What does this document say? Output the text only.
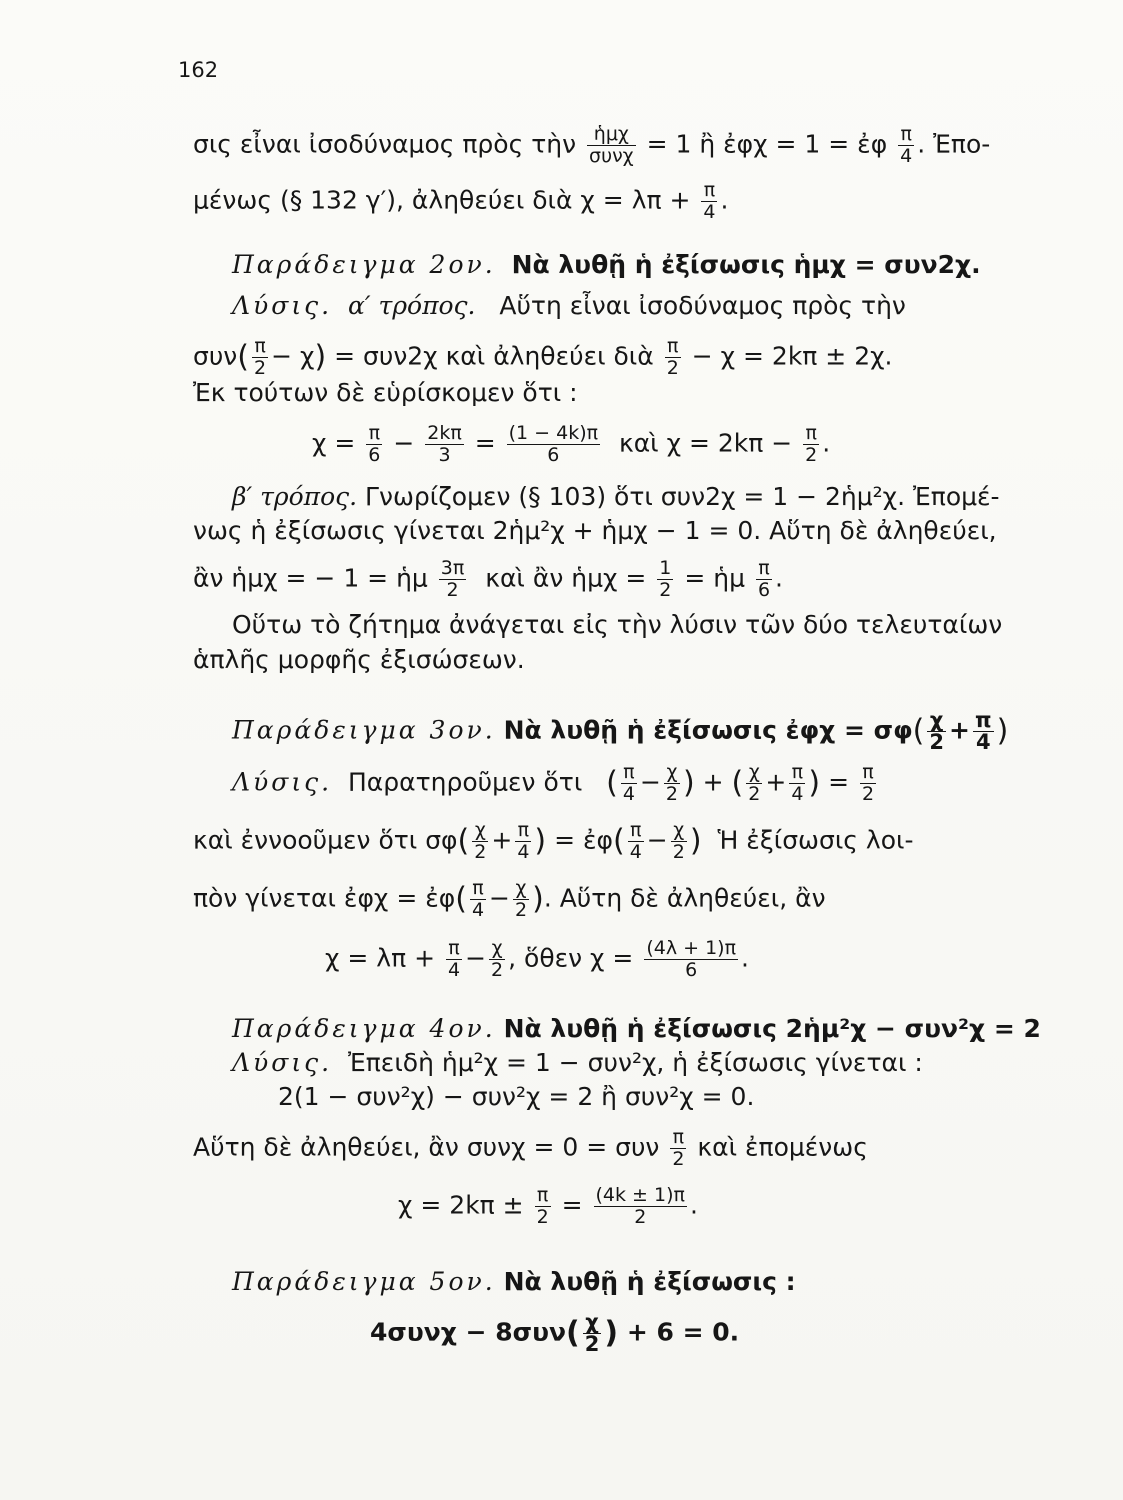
162
σις εἶναι ἰσοδύναμος πρὸς τὴν $\frac{\text{ἡμχ}}{\text{συνχ}} = 1$ ἢ ἐφχ = 1 = ἐφ $\frac{\pi}{4}$ . Ἐπο-
μένως (§ 132 γ′), ἀληθεύει διὰ $\chi = \lambda\pi + \frac{\pi}{4}$ .
Παράδειγμα 2ον. Νὰ λυθῇ ἡ ἐξίσωσις ἡμχ = συν2χ.
Λύσις. α′ τρόπος. Αὕτη εἶναι ἰσοδύναμος πρὸς τὴν
$\sigma\upsilon\nu( \frac{\pi}{2} - \chi) = \sigma\upsilon\nu 2\chi$ καὶ ἀληθεύει διὰ $\frac{\pi}{2} - \chi = 2k\pi \pm 2\chi$.
Ἐκ τούτων δὲ εὑρίσκομεν ὅτι :
$\chi = \frac{\pi}{6} - \frac{2k\pi}{3} = \frac{(1 - 4k)\pi}{6}$ καὶ $\chi = 2k\pi - \frac{\pi}{2}$ .
β′ τρόπος. Γνωρίζομεν (§ 103) ὅτι συν2χ = 1 − 2ἡμ²χ. Ἐπομέ-
νως ἡ ἐξίσωσις γίνεται 2ἡμ²χ + ἡμχ − 1 = 0. Αὕτη δὲ ἀληθεύει,
ἂν ἡμχ = − 1 = ἡμ $\frac{3\pi}{2}$ καὶ ἂν ἡμχ = $\frac{1}{2}$ = ἡμ $\frac{\pi}{6}$ .
Οὕτω τὸ ζήτημα ἀνάγεται εἰς τὴν λύσιν τῶν δύο τελευταίων
ἁπλῆς μορφῆς ἐξισώσεων.
Παράδειγμα 3ον. Νὰ λυθῇ ἡ ἐξίσωσις ἐφχ = $\sigma\varphi( \frac{\chi}{2} + \frac{\pi}{4}$ )
Λύσις. Παρατηροῦμεν ὅτι ( $\frac{\pi}{4} - \frac{\chi}{2}$ ) + ( $\frac{\chi}{2} + \frac{\pi}{4}$ ) = $\frac{\pi}{2}$
καὶ ἐννοοῦμεν ὅτι $\sigma\varphi( \frac{\chi}{2} + \frac{\pi}{4}$ ) = ἐφ( $\frac{\pi}{4} - \frac{\chi}{2}$ ) Ἡ ἐξίσωσις λοι-
πὸν γίνεται ἐφχ = ἐφ( $\frac{\pi}{4} - \frac{\chi}{2}$ ). Αὕτη δὲ ἀληθεύει, ἂν
$\chi = \lambda\pi + \frac{\pi}{4} - \frac{\chi}{2}$ , ὅθεν $\chi = \frac{(4\lambda + 1)\pi}{6}$ .
Παράδειγμα 4ον. Νὰ λυθῇ ἡ ἐξίσωσις 2ἡμ²χ − συν²χ = 2
Λύσις. Ἐπειδὴ ἡμ²χ = 1 − συν²χ, ἡ ἐξίσωσις γίνεται :
2(1 − συν²χ) − συν²χ = 2 ἢ συν²χ = 0.
Αὕτη δὲ ἀληθεύει, ἂν συνχ = 0 = συν $\frac{\pi}{2}$ καὶ ἐπομένως
$\chi = 2k\pi \pm \frac{\pi}{2} = \frac{(4k \pm 1)\pi}{2}$ .
Παράδειγμα 5ον. Νὰ λυθῇ ἡ ἐξίσωσις :
$4\sigma\upsilon\nu\chi - 8\sigma\upsilon\nu( \frac{\chi}{2}$ ) + 6 = 0.
